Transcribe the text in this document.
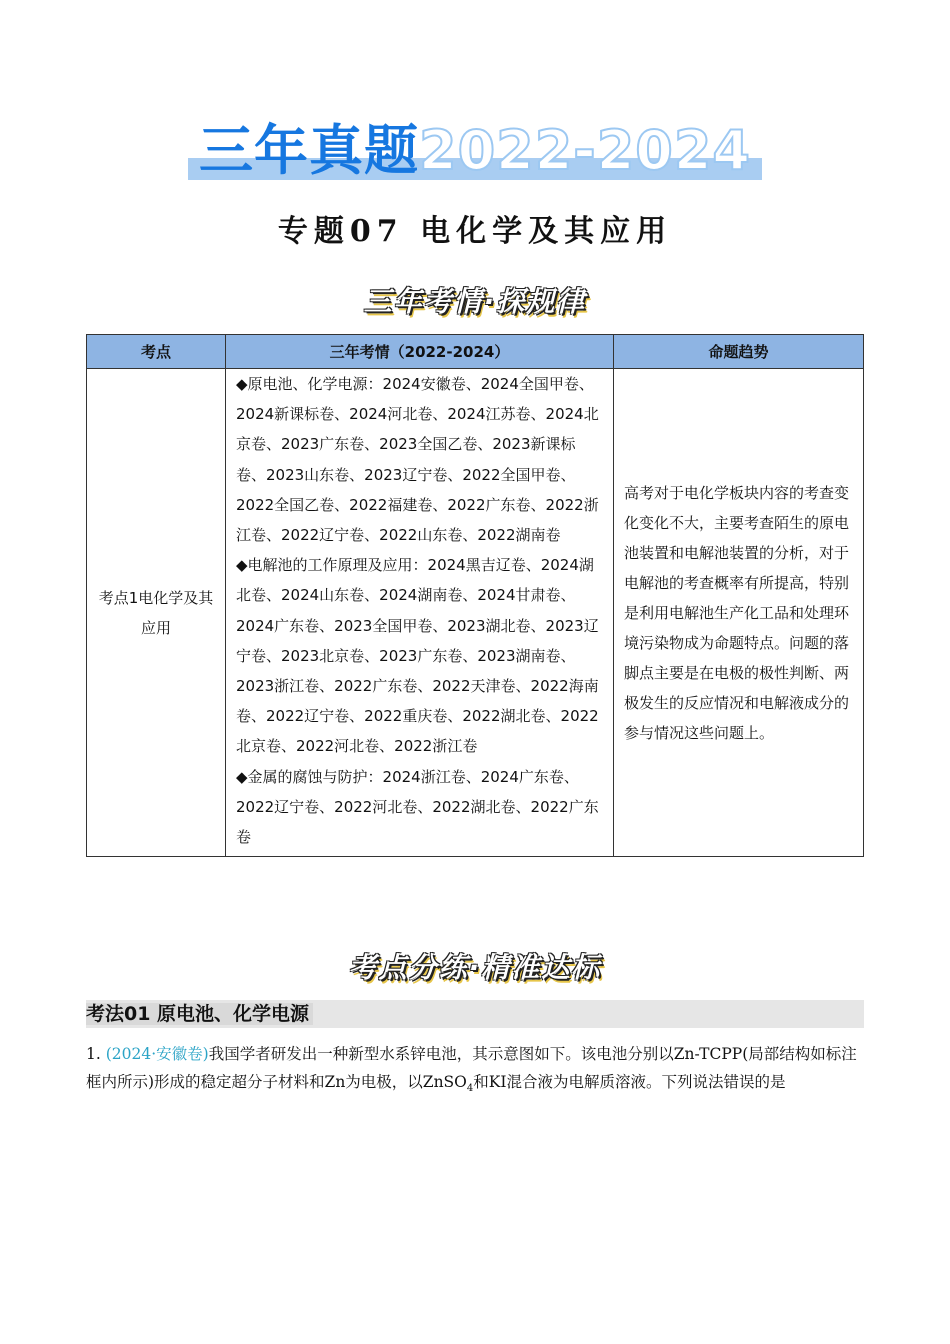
三年真题2022-2024
专题07 电化学及其应用
三年考情·探规律
考点	三年考情（2022-2024）	命题趋势
考点1电化学及其应用	◆原电池、化学电源：2024安徽卷、2024全国甲卷、2024新课标卷、2024河北卷、2024江苏卷、2024北京卷、2023广东卷、2023全国乙卷、2023新课标卷、2023山东卷、2023辽宁卷、2022全国甲卷、2022全国乙卷、2022福建卷、2022广东卷、2022浙江卷、2022辽宁卷、2022山东卷、2022湖南卷
◆电解池的工作原理及应用：2024黑吉辽卷、2024湖北卷、2024山东卷、2024湖南卷、2024甘肃卷、2024广东卷、2023全国甲卷、2023湖北卷、2023辽宁卷、2023北京卷、2023广东卷、2023湖南卷、2023浙江卷、2022广东卷、2022天津卷、2022海南卷、2022辽宁卷、2022重庆卷、2022湖北卷、2022北京卷、2022河北卷、2022浙江卷
◆金属的腐蚀与防护：2024浙江卷、2024广东卷、2022辽宁卷、2022河北卷、2022湖北卷、2022广东卷	高考对于电化学板块内容的考查变化变化不大，主要考查陌生的原电池装置和电解池装置的分析，对于电解池的考查概率有所提高，特别是利用电解池生产化工品和处理环境污染物成为命题特点。问题的落脚点主要是在电极的极性判断、两极发生的反应情况和电解液成分的参与情况这些问题上。
考点分练·精准达标
考法01 原电池、化学电源
1. (2024·安徽卷)我国学者研发出一种新型水系锌电池，其示意图如下。该电池分别以Zn-TCPP(局部结构如标注框内所示)形成的稳定超分子材料和Zn为电极，以ZnSO$_4$和KI混合液为电解质溶液。下列说法错误的是
